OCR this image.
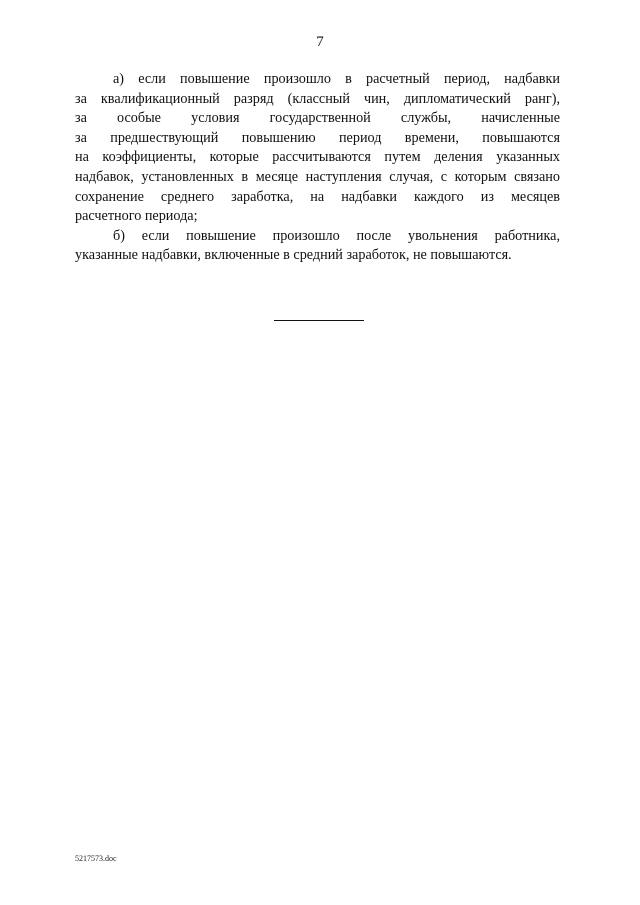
7

а) если повышение произошло в расчетный период, надбавки
за квалификационный разряд (классный чин, дипломатический ранг),
за особые условия государственной службы, начисленные
за предшествующий повышению период времени, повышаются
на коэффициенты, которые рассчитываются путем деления указанных
надбавок, установленных в месяце наступления случая, с которым связано
сохранение среднего заработка, на надбавки каждого из месяцев
расчетного периода;

б) если повышение произошло после увольнения работника,
указанные надбавки, включенные в средний заработок, не повышаются.

5217573.doc
